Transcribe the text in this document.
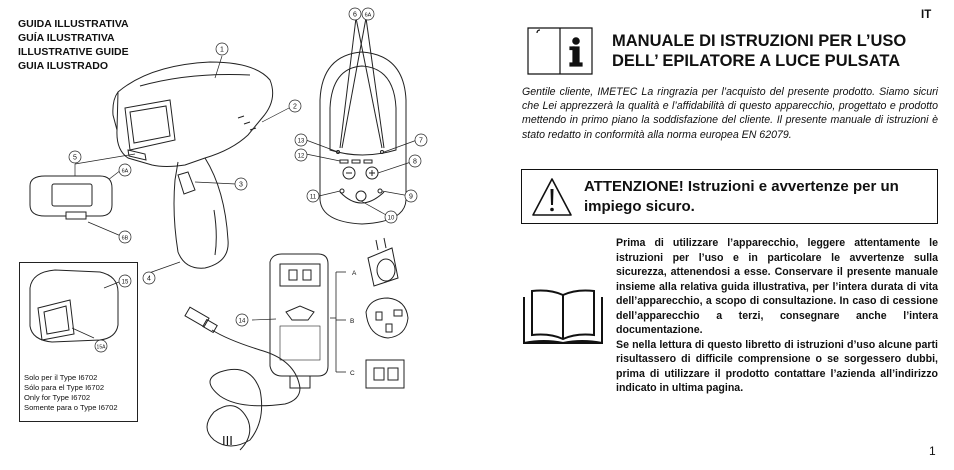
GUIDA ILLUSTRATIVA
GUÍA ILUSTRATIVA
ILLUSTRATIVE GUIDE
GUIA ILUSTRADO
1
2
3
4
5
6A
6B
6 6A
13
12
7
8
11	9
10
14
15
15A
A
B
C
Solo per il Type I6702
Sólo para el Type I6702
Only for Type I6702
Somente para o Type I6702
III
IT
MANUALE DI ISTRUZIONI PER L’USO DELL’ EPILATORE A LUCE PULSATA
Gentile cliente, IMETEC La ringrazia per l’acquisto del presente prodotto. Siamo sicuri che Lei apprezzerà la qualità e l’affidabilità di questo apparecchio, progettato e prodotto mettendo in primo piano la soddisfazione del cliente. Il presente manuale di istruzioni è stato redatto in conformità alla norma europea EN 62079.
ATTENZIONE! Istruzioni e avvertenze per un impiego sicuro.
Prima di utilizzare l’apparecchio, leggere attentamente le istruzioni per l’uso e in particolare le avvertenze sulla sicurezza, attenendosi a esse. Conservare il presente manuale insieme alla relativa guida illustrativa, per l’intera durata di vita dell’apparecchio, a scopo di consultazione. In caso di cessione dell’apparecchio a terzi, consegnare anche l’intera documentazione.
Se nella lettura di questo libretto di istruzioni d’uso alcune parti risultassero di difficile comprensione o se sorgessero dubbi, prima di utilizzare il prodotto contattare l’azienda all’indirizzo indicato in ultima pagina.
1
